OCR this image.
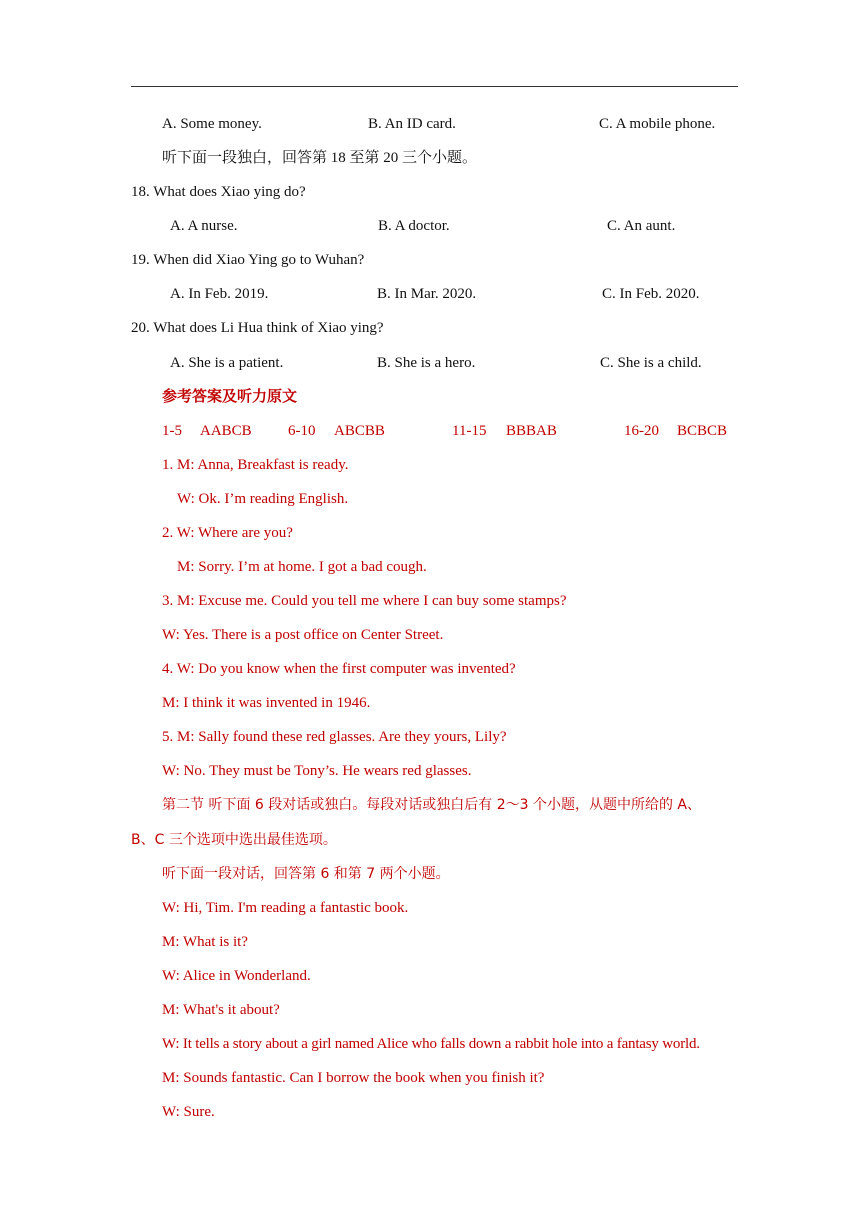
A. Some money.	B. An ID card.	C. A mobile phone.
听下面一段独白，回答第 18 至第 20 三个小题。
18. What does Xiao ying do?
A. A nurse.	B. A doctor.	C. An aunt.
19. When did Xiao Ying go to Wuhan?
A. In Feb. 2019.	B. In Mar. 2020.	C. In Feb. 2020.
20. What does Li Hua think of Xiao ying?
A. She is a patient.	B. She is a hero.	C. She is a child.
参考答案及听力原文
1-5 AABCB 6-10 ABCBB	11-15 BBBAB	16-20 BCBCB
1. M: Anna, Breakfast is ready.
W: Ok. I’m reading English.
2. W: Where are you?
M: Sorry. I’m at home. I got a bad cough.
3. M: Excuse me. Could you tell me where I can buy some stamps?
W: Yes. There is a post office on Center Street.
4. W: Do you know when the first computer was invented?
M: I think it was invented in 1946.
5. M: Sally found these red glasses. Are they yours, Lily?
W: No. They must be Tony’s. He wears red glasses.
第二节 听下面 6 段对话或独白。每段对话或独白后有 2～3 个小题，从题中所给的 A、
B、C 三个选项中选出最佳选项。
听下面一段对话，回答第 6 和第 7 两个小题。
W: Hi, Tim. I'm reading a fantastic book.
M: What is it?
W: Alice in Wonderland.
M: What's it about?
W: It tells a story about a girl named Alice who falls down a rabbit hole into a fantasy world.
M: Sounds fantastic. Can I borrow the book when you finish it?
W: Sure.
